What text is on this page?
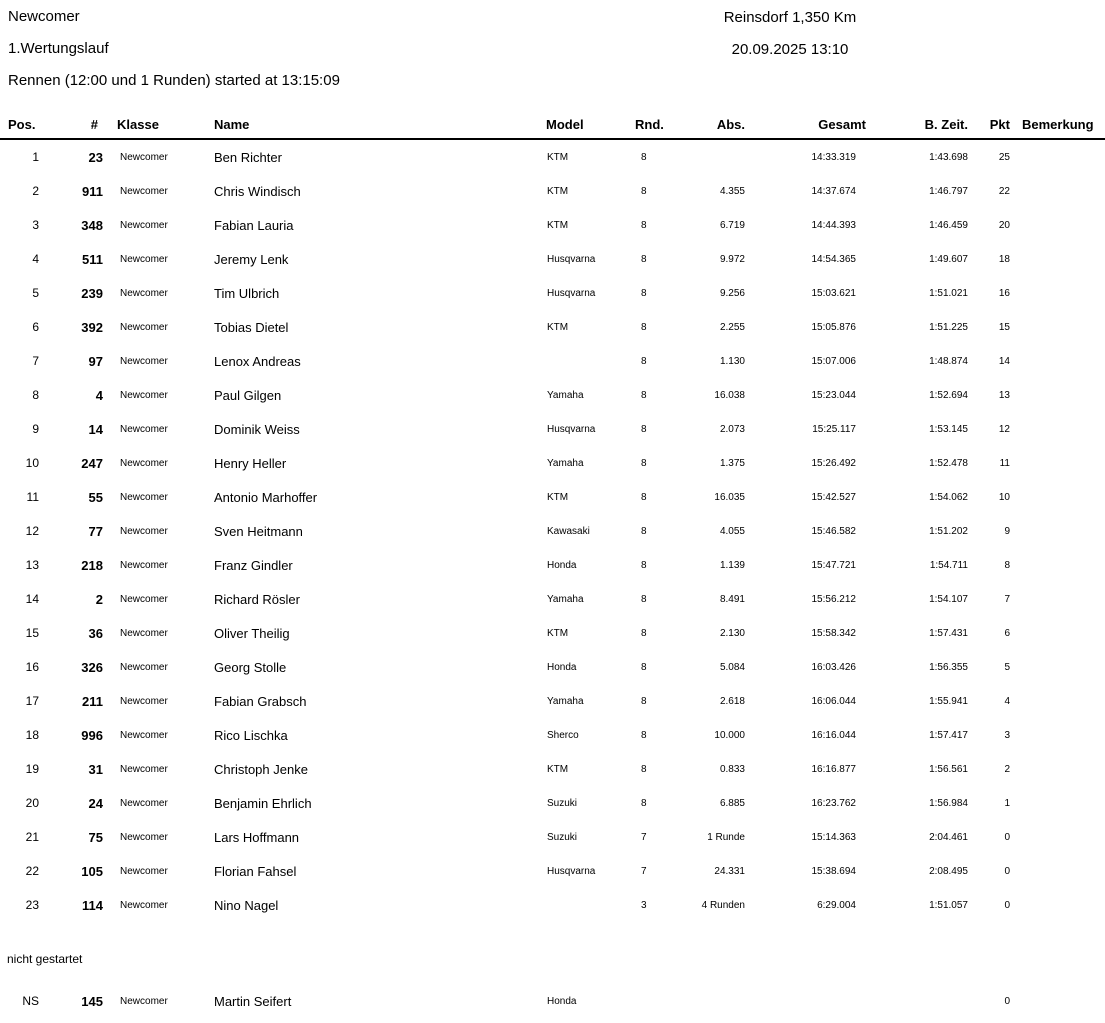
Newcomer
1.Wertungslauf
Rennen (12:00 und 1 Runden) started at 13:15:09
Reinsdorf 1,350 Km
20.09.2025 13:10
Pos.	#	Klasse	Name	Model	Rnd.	Abs.	Gesamt	B. Zeit.	Pkt	Bemerkung
1	23	Newcomer	Ben Richter	KTM	8		14:33.319	1:43.698	25	
2	911	Newcomer	Chris Windisch	KTM	8	4.355	14:37.674	1:46.797	22	
3	348	Newcomer	Fabian Lauria	KTM	8	6.719	14:44.393	1:46.459	20	
4	511	Newcomer	Jeremy Lenk	Husqvarna	8	9.972	14:54.365	1:49.607	18	
5	239	Newcomer	Tim Ulbrich	Husqvarna	8	9.256	15:03.621	1:51.021	16	
6	392	Newcomer	Tobias Dietel	KTM	8	2.255	15:05.876	1:51.225	15	
7	97	Newcomer	Lenox Andreas		8	1.130	15:07.006	1:48.874	14	
8	4	Newcomer	Paul Gilgen	Yamaha	8	16.038	15:23.044	1:52.694	13	
9	14	Newcomer	Dominik Weiss	Husqvarna	8	2.073	15:25.117	1:53.145	12	
10	247	Newcomer	Henry Heller	Yamaha	8	1.375	15:26.492	1:52.478	11	
11	55	Newcomer	Antonio Marhoffer	KTM	8	16.035	15:42.527	1:54.062	10	
12	77	Newcomer	Sven Heitmann	Kawasaki	8	4.055	15:46.582	1:51.202	9	
13	218	Newcomer	Franz Gindler	Honda	8	1.139	15:47.721	1:54.711	8	
14	2	Newcomer	Richard Rösler	Yamaha	8	8.491	15:56.212	1:54.107	7	
15	36	Newcomer	Oliver Theilig	KTM	8	2.130	15:58.342	1:57.431	6	
16	326	Newcomer	Georg Stolle	Honda	8	5.084	16:03.426	1:56.355	5	
17	211	Newcomer	Fabian Grabsch	Yamaha	8	2.618	16:06.044	1:55.941	4	
18	996	Newcomer	Rico Lischka	Sherco	8	10.000	16:16.044	1:57.417	3	
19	31	Newcomer	Christoph Jenke	KTM	8	0.833	16:16.877	1:56.561	2	
20	24	Newcomer	Benjamin Ehrlich	Suzuki	8	6.885	16:23.762	1:56.984	1	
21	75	Newcomer	Lars Hoffmann	Suzuki	7	1 Runde	15:14.363	2:04.461	0	
22	105	Newcomer	Florian Fahsel	Husqvarna	7	24.331	15:38.694	2:08.495	0	
23	114	Newcomer	Nino Nagel		3	4 Runden	6:29.004	1:51.057	0	

nicht gestartet										

NS	145	Newcomer	Martin Seifert	Honda					0	
